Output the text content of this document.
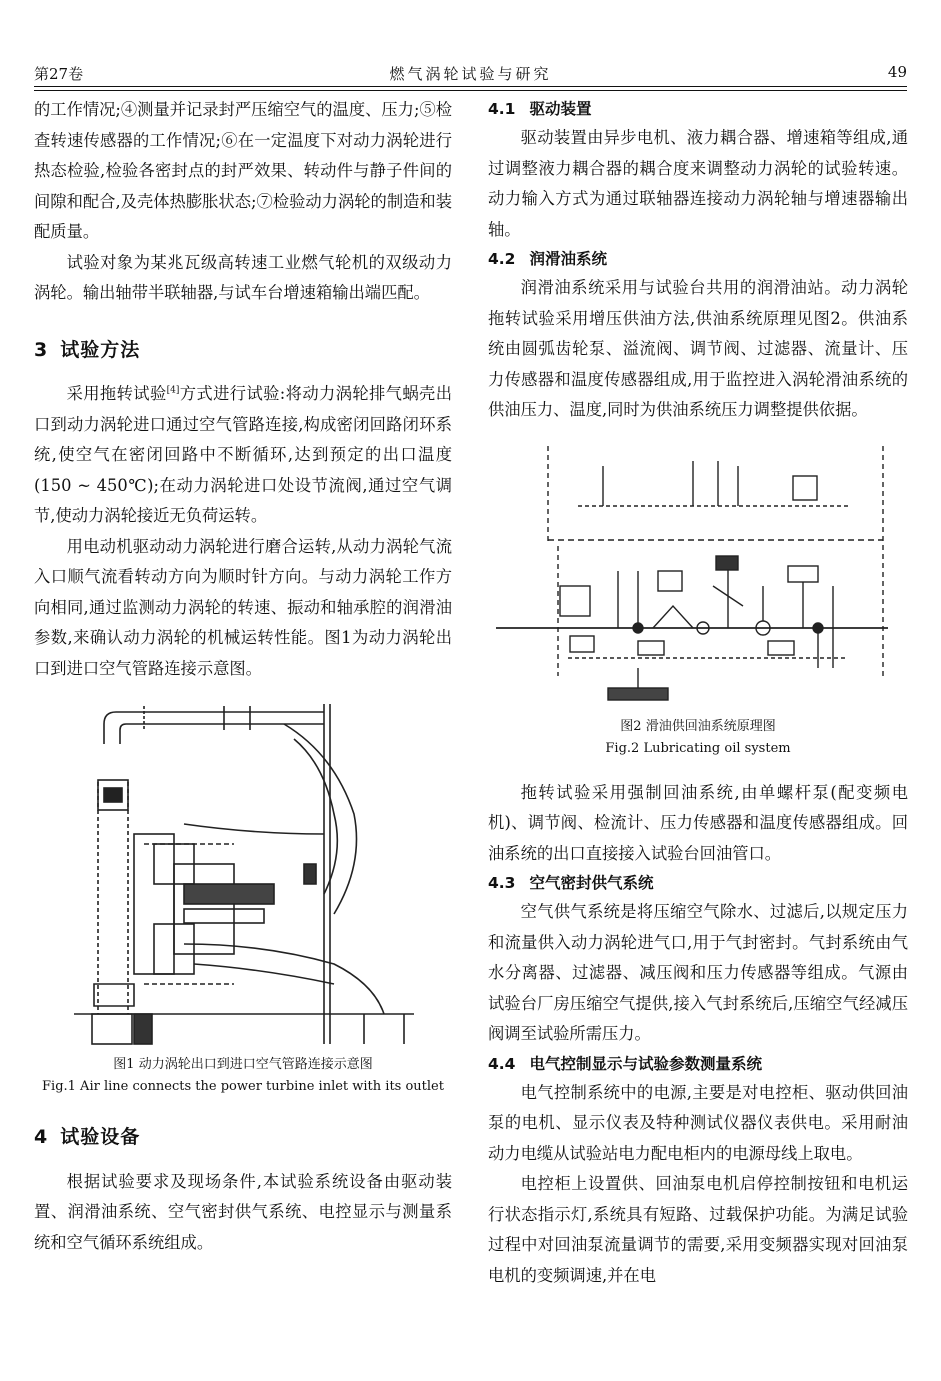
第27卷	燃气涡轮试验与研究	49

的工作情况;④测量并记录封严压缩空气的温度、压力;⑤检查转速传感器的工作情况;⑥在一定温度下对动力涡轮进行热态检验,检验各密封点的封严效果、转动件与静子件间的间隙和配合,及壳体热膨胀状态;⑦检验动力涡轮的制造和装配质量。

试验对象为某兆瓦级高转速工业燃气轮机的双级动力涡轮。输出轴带半联轴器,与试车台增速箱输出端匹配。

3 试验方法

采用拖转试验[4]方式进行试验:将动力涡轮排气蜗壳出口到动力涡轮进口通过空气管路连接,构成密闭回路闭环系统,使空气在密闭回路中不断循环,达到预定的出口温度(150 ~ 450℃);在动力涡轮进口处设节流阀,通过空气调节,使动力涡轮接近无负荷运转。

用电动机驱动动力涡轮进行磨合运转,从动力涡轮气流入口顺气流看转动方向为顺时针方向。与动力涡轮工作方向相同,通过监测动力涡轮的转速、振动和轴承腔的润滑油参数,来确认动力涡轮的机械运转性能。图1为动力涡轮出口到进口空气管路连接示意图。

图1 动力涡轮出口到进口空气管路连接示意图
Fig.1 Air line connects the power turbine inlet with its outlet
4 试验设备

根据试验要求及现场条件,本试验系统设备由驱动装置、润滑油系统、空气密封供气系统、电控显示与测量系统和空气循环系统组成。

4.1 驱动装置

驱动装置由异步电机、液力耦合器、增速箱等组成,通过调整液力耦合器的耦合度来调整动力涡轮的试验转速。动力输入方式为通过联轴器连接动力涡轮轴与增速器输出轴。

4.2 润滑油系统

润滑油系统采用与试验台共用的润滑油站。动力涡轮拖转试验采用增压供油方法,供油系统原理见图2。供油系统由圆弧齿轮泵、溢流阀、调节阀、过滤器、流量计、压力传感器和温度传感器组成,用于监控进入涡轮滑油系统的供油压力、温度,同时为供油系统压力调整提供依据。

图2 滑油供回油系统原理图
Fig.2 Lubricating oil system

拖转试验采用强制回油系统,由单螺杆泵(配变频电机)、调节阀、检流计、压力传感器和温度传感器组成。回油系统的出口直接接入试验台回油管口。

4.3 空气密封供气系统

空气供气系统是将压缩空气除水、过滤后,以规定压力和流量供入动力涡轮进气口,用于气封密封。气封系统由气水分离器、过滤器、减压阀和压力传感器等组成。气源由试验台厂房压缩空气提供,接入气封系统后,压缩空气经减压阀调至试验所需压力。

4.4 电气控制显示与试验参数测量系统

电气控制系统中的电源,主要是对电控柜、驱动供回油泵的电机、显示仪表及特种测试仪器仪表供电。采用耐油动力电缆从试验站电力配电柜内的电源母线上取电。

电控柜上设置供、回油泵电机启停控制按钮和电机运行状态指示灯,系统具有短路、过载保护功能。为满足试验过程中对回油泵流量调节的需要,采用变频器实现对回油泵电机的变频调速,并在电
